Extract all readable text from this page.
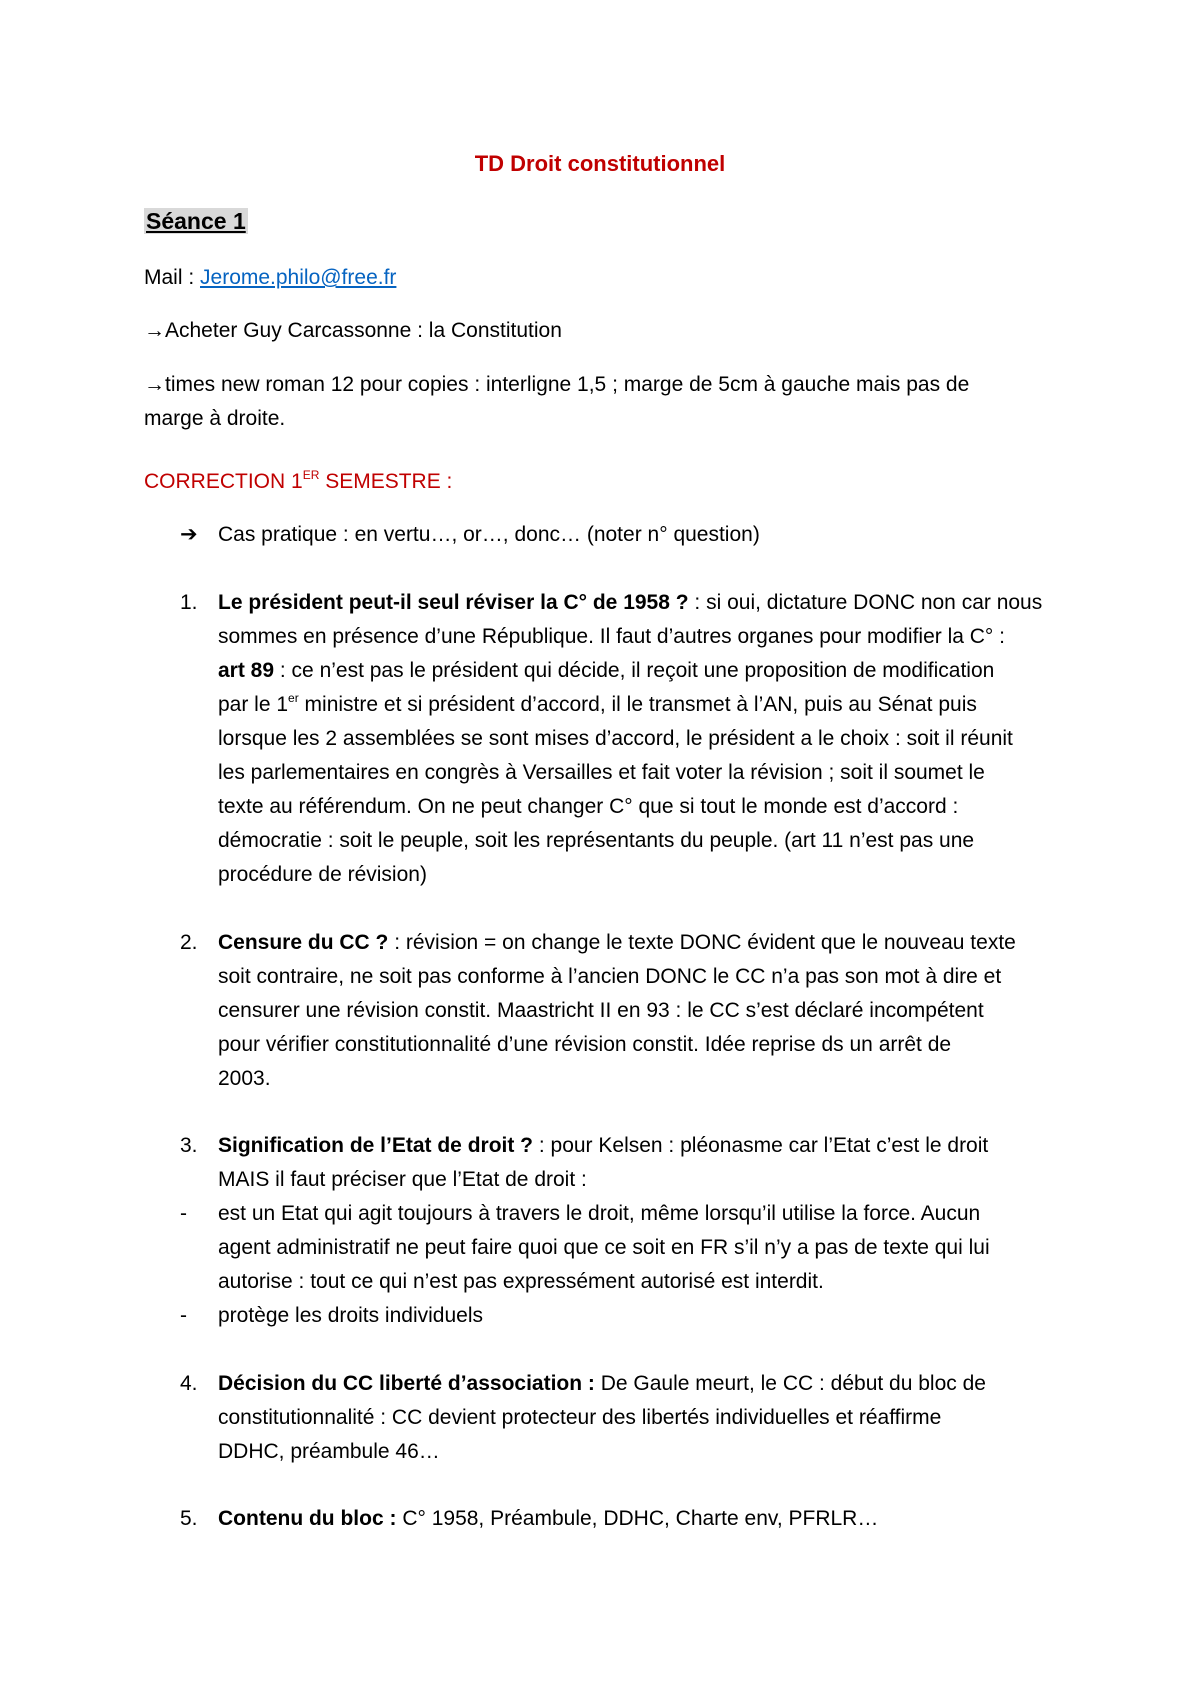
TD Droit constitutionnel
Séance 1
Mail : Jerome.philo@free.fr
→Acheter Guy Carcassonne : la Constitution
→times new roman 12 pour copies : interligne 1,5 ; marge de 5cm à gauche mais pas de
marge à droite.
CORRECTION 1ER SEMESTRE :
➔ Cas pratique : en vertu…, or…, donc… (noter n° question)
1. Le président peut-il seul réviser la C° de 1958 ? : si oui, dictature DONC non car nous
sommes en présence d’une République. Il faut d’autres organes pour modifier la C° :
art 89 : ce n’est pas le président qui décide, il reçoit une proposition de modification
par le 1er ministre et si président d’accord, il le transmet à l’AN, puis au Sénat puis
lorsque les 2 assemblées se sont mises d’accord, le président a le choix : soit il réunit
les parlementaires en congrès à Versailles et fait voter la révision ; soit il soumet le
texte au référendum. On ne peut changer C° que si tout le monde est d’accord :
démocratie : soit le peuple, soit les représentants du peuple. (art 11 n’est pas une
procédure de révision)
2. Censure du CC ? : révision = on change le texte DONC évident que le nouveau texte
soit contraire, ne soit pas conforme à l’ancien DONC le CC n’a pas son mot à dire et
censurer une révision constit. Maastricht II en 93 : le CC s’est déclaré incompétent
pour vérifier constitutionnalité d’une révision constit. Idée reprise ds un arrêt de
2003.
3. Signification de l’Etat de droit ? : pour Kelsen : pléonasme car l’Etat c’est le droit
MAIS il faut préciser que l’Etat de droit :
- est un Etat qui agit toujours à travers le droit, même lorsqu’il utilise la force. Aucun
agent administratif ne peut faire quoi que ce soit en FR s’il n’y a pas de texte qui lui
autorise : tout ce qui n’est pas expressément autorisé est interdit.
- protège les droits individuels
4. Décision du CC liberté d’association : De Gaule meurt, le CC : début du bloc de
constitutionnalité : CC devient protecteur des libertés individuelles et réaffirme
DDHC, préambule 46…
5. Contenu du bloc : C° 1958, Préambule, DDHC, Charte env, PFRLR…
